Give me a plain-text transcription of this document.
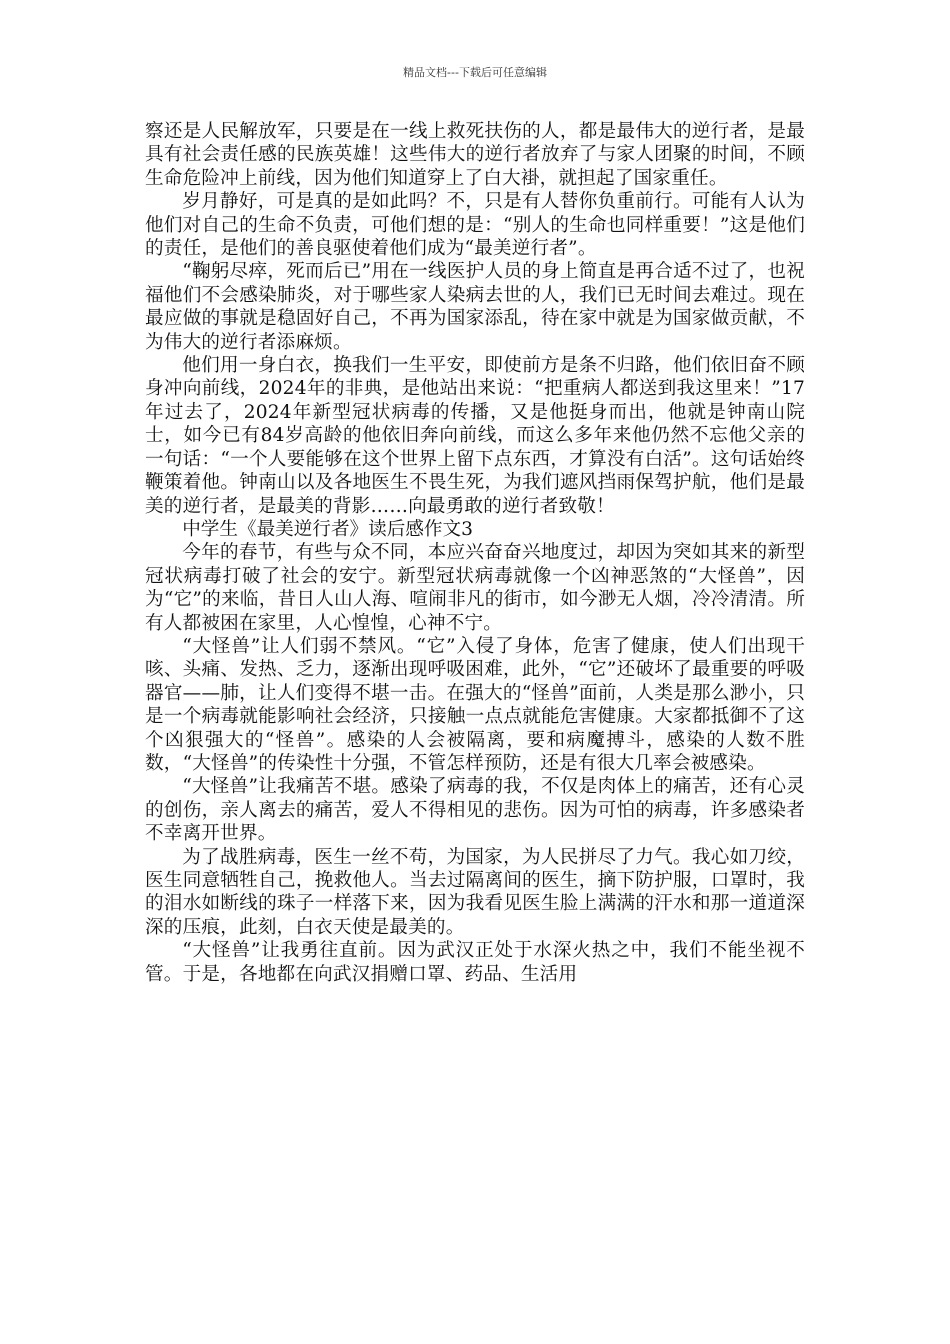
精品文档---下载后可任意编辑

察还是人民解放军，只要是在一线上救死扶伤的人，都是最伟大的逆行者，是最具有社会责任感的民族英雄！这些伟大的逆行者放弃了与家人团聚的时间，不顾生命危险冲上前线，因为他们知道穿上了白大褂，就担起了国家重任。

岁月静好，可是真的是如此吗？不，只是有人替你负重前行。可能有人认为他们对自己的生命不负责，可他们想的是：“别人的生命也同样重要！”这是他们的责任，是他们的善良驱使着他们成为“最美逆行者”。

“鞠躬尽瘁，死而后已”用在一线医护人员的身上简直是再合适不过了，也祝福他们不会感染肺炎，对于哪些家人染病去世的人，我们已无时间去难过。现在最应做的事就是稳固好自己，不再为国家添乱，待在家中就是为国家做贡献，不为伟大的逆行者添麻烦。

他们用一身白衣，换我们一生平安，即使前方是条不归路，他们依旧奋不顾身冲向前线，2024年的非典，是他站出来说：“把重病人都送到我这里来！”17年过去了，2024年新型冠状病毒的传播，又是他挺身而出，他就是钟南山院士，如今已有84岁高龄的他依旧奔向前线，而这么多年来他仍然不忘他父亲的一句话：“一个人要能够在这个世界上留下点东西，才算没有白活”。这句话始终鞭策着他。钟南山以及各地医生不畏生死，为我们遮风挡雨保驾护航，他们是最美的逆行者，是最美的背影……向最勇敢的逆行者致敬！

中学生《最美逆行者》读后感作文3

今年的春节，有些与众不同，本应兴奋奋兴地度过，却因为突如其来的新型冠状病毒打破了社会的安宁。新型冠状病毒就像一个凶神恶煞的“大怪兽”，因为“它”的来临，昔日人山人海、喧闹非凡的街市，如今渺无人烟，冷冷清清。所有人都被困在家里，人心惶惶，心神不宁。

“大怪兽”让人们弱不禁风。“它”入侵了身体，危害了健康，使人们出现干咳、头痛、发热、乏力，逐渐出现呼吸困难，此外，“它”还破坏了最重要的呼吸器官——肺，让人们变得不堪一击。在强大的“怪兽”面前，人类是那么渺小，只是一个病毒就能影响社会经济，只接触一点点就能危害健康。大家都抵御不了这个凶狠强大的“怪兽”。感染的人会被隔离，要和病魔搏斗，感染的人数不胜数，“大怪兽”的传染性十分强，不管怎样预防，还是有很大几率会被感染。

“大怪兽”让我痛苦不堪。感染了病毒的我，不仅是肉体上的痛苦，还有心灵的创伤，亲人离去的痛苦，爱人不得相见的悲伤。因为可怕的病毒，许多感染者不幸离开世界。

为了战胜病毒，医生一丝不苟，为国家，为人民拼尽了力气。我心如刀绞，医生同意牺牲自己，挽救他人。当去过隔离间的医生，摘下防护服，口罩时，我的泪水如断线的珠子一样落下来，因为我看见医生脸上满满的汗水和那一道道深深的压痕，此刻，白衣天使是最美的。

“大怪兽”让我勇往直前。因为武汉正处于水深火热之中，我们不能坐视不管。于是，各地都在向武汉捐赠口罩、药品、生活用
